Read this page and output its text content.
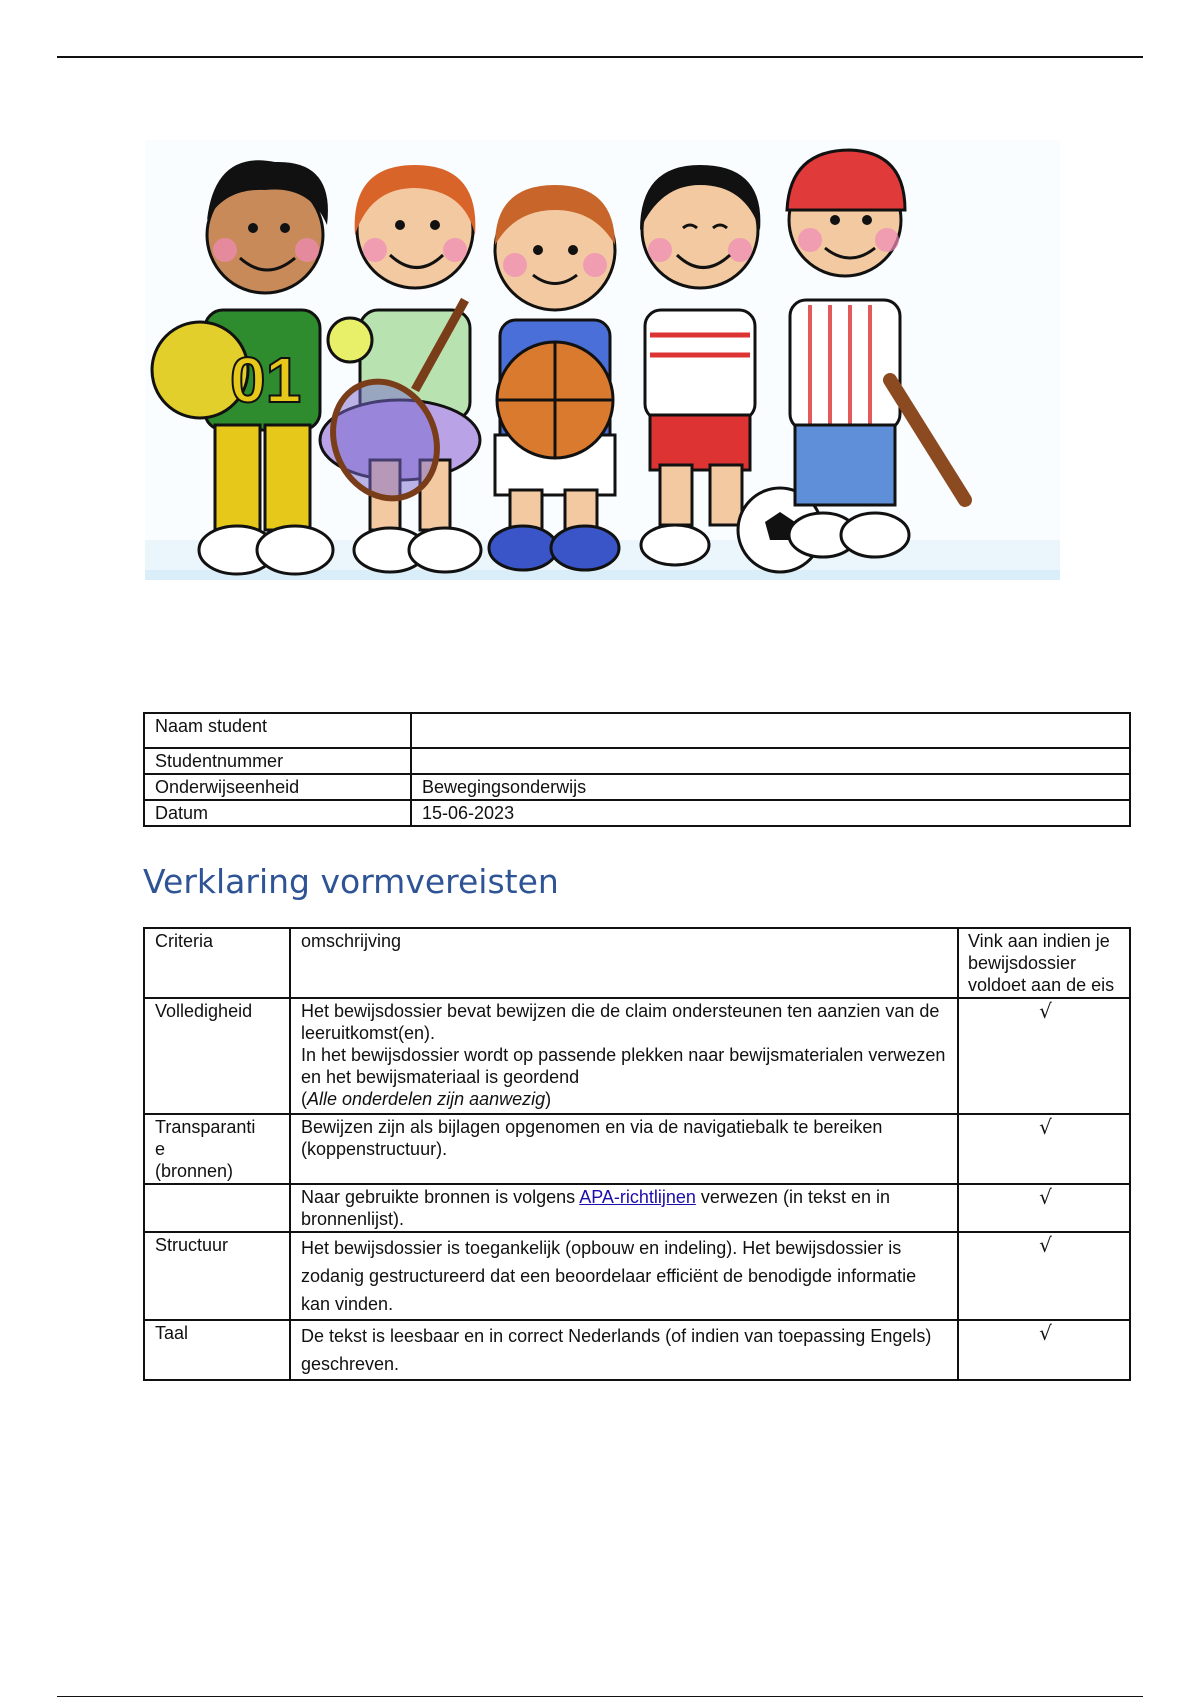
01
Naam student	
Studentnummer	
Onderwijseenheid	Bewegingsonderwijs
Datum	15-06-2023
Verklaring vormvereisten
Criteria	omschrijving	Vink aan indien je bewijsdossier voldoet aan de eis
Volledigheid	Het bewijsdossier bevat bewijzen die de claim ondersteunen ten aanzien van de leeruitkomst(en).
In het bewijsdossier wordt op passende plekken naar bewijsmaterialen verwezen en het bewijsmateriaal is geordend
(Alle onderdelen zijn aanwezig)	√
Transparanti
e
(bronnen)	Bewijzen zijn als bijlagen opgenomen en via de navigatiebalk te bereiken (koppenstructuur).	√
	Naar gebruikte bronnen is volgens APA-richtlijnen verwezen (in tekst en in bronnenlijst).	√
Structuur	Het bewijsdossier is toegankelijk (opbouw en indeling). Het bewijsdossier is zodanig gestructureerd dat een beoordelaar efficiënt de benodigde informatie kan vinden.	√
Taal	De tekst is leesbaar en in correct Nederlands (of indien van toepassing Engels) geschreven.	√
